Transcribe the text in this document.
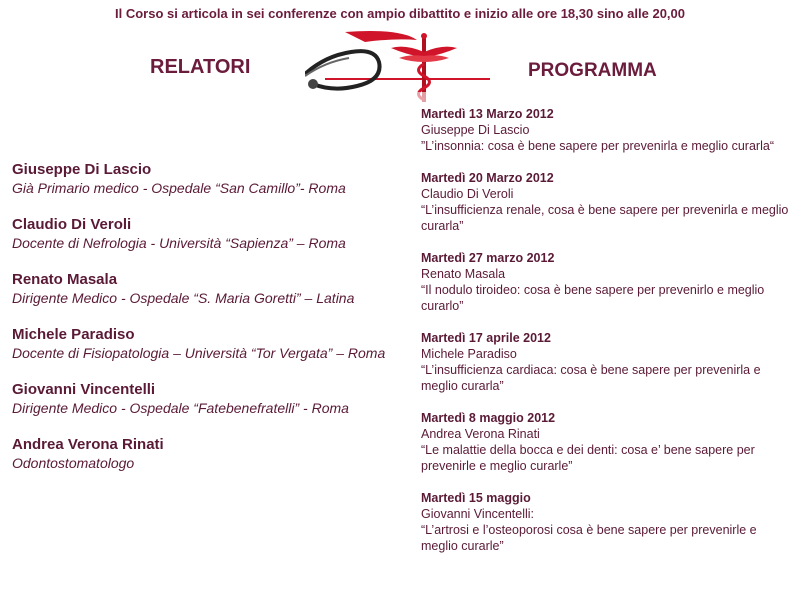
Il Corso si articola in sei conferenze con ampio dibattito e inizio alle ore 18,30 sino alle 20,00
RELATORI	PROGRAMMA
Giuseppe Di Lascio
Già Primario medico - Ospedale “San Camillo”- Roma
Claudio Di Veroli
Docente di Nefrologia - Università “Sapienza” – Roma
Renato Masala
Dirigente Medico - Ospedale “S. Maria Goretti” – Latina
Michele Paradiso
Docente di Fisiopatologia – Università “Tor Vergata” – Roma
Giovanni Vincentelli
Dirigente Medico - Ospedale “Fatebenefratelli” - Roma
Andrea Verona Rinati
Odontostomatologo
Martedì 13 Marzo 2012
Giuseppe Di Lascio
”L’insonnia: cosa è bene sapere per prevenirla e meglio curarla“
Martedì 20 Marzo 2012
Claudio Di Veroli
“L’insufficienza renale, cosa è bene sapere per prevenirla e meglio curarla”
Martedì 27 marzo 2012
Renato Masala
“Il nodulo tiroideo: cosa è bene sapere per prevenirlo e meglio curarlo”
Martedì 17 aprile 2012
Michele Paradiso
“L’insufficienza cardiaca: cosa è bene sapere per prevenirla e meglio curarla”
Martedì 8 maggio 2012
Andrea Verona Rinati
“Le malattie della bocca e dei denti: cosa e’ bene sapere per prevenirle e meglio curarle”
Martedì 15 maggio
Giovanni Vincentelli:
“L’artrosi e l’osteoporosi cosa è bene sapere per prevenirle e meglio curarle”
